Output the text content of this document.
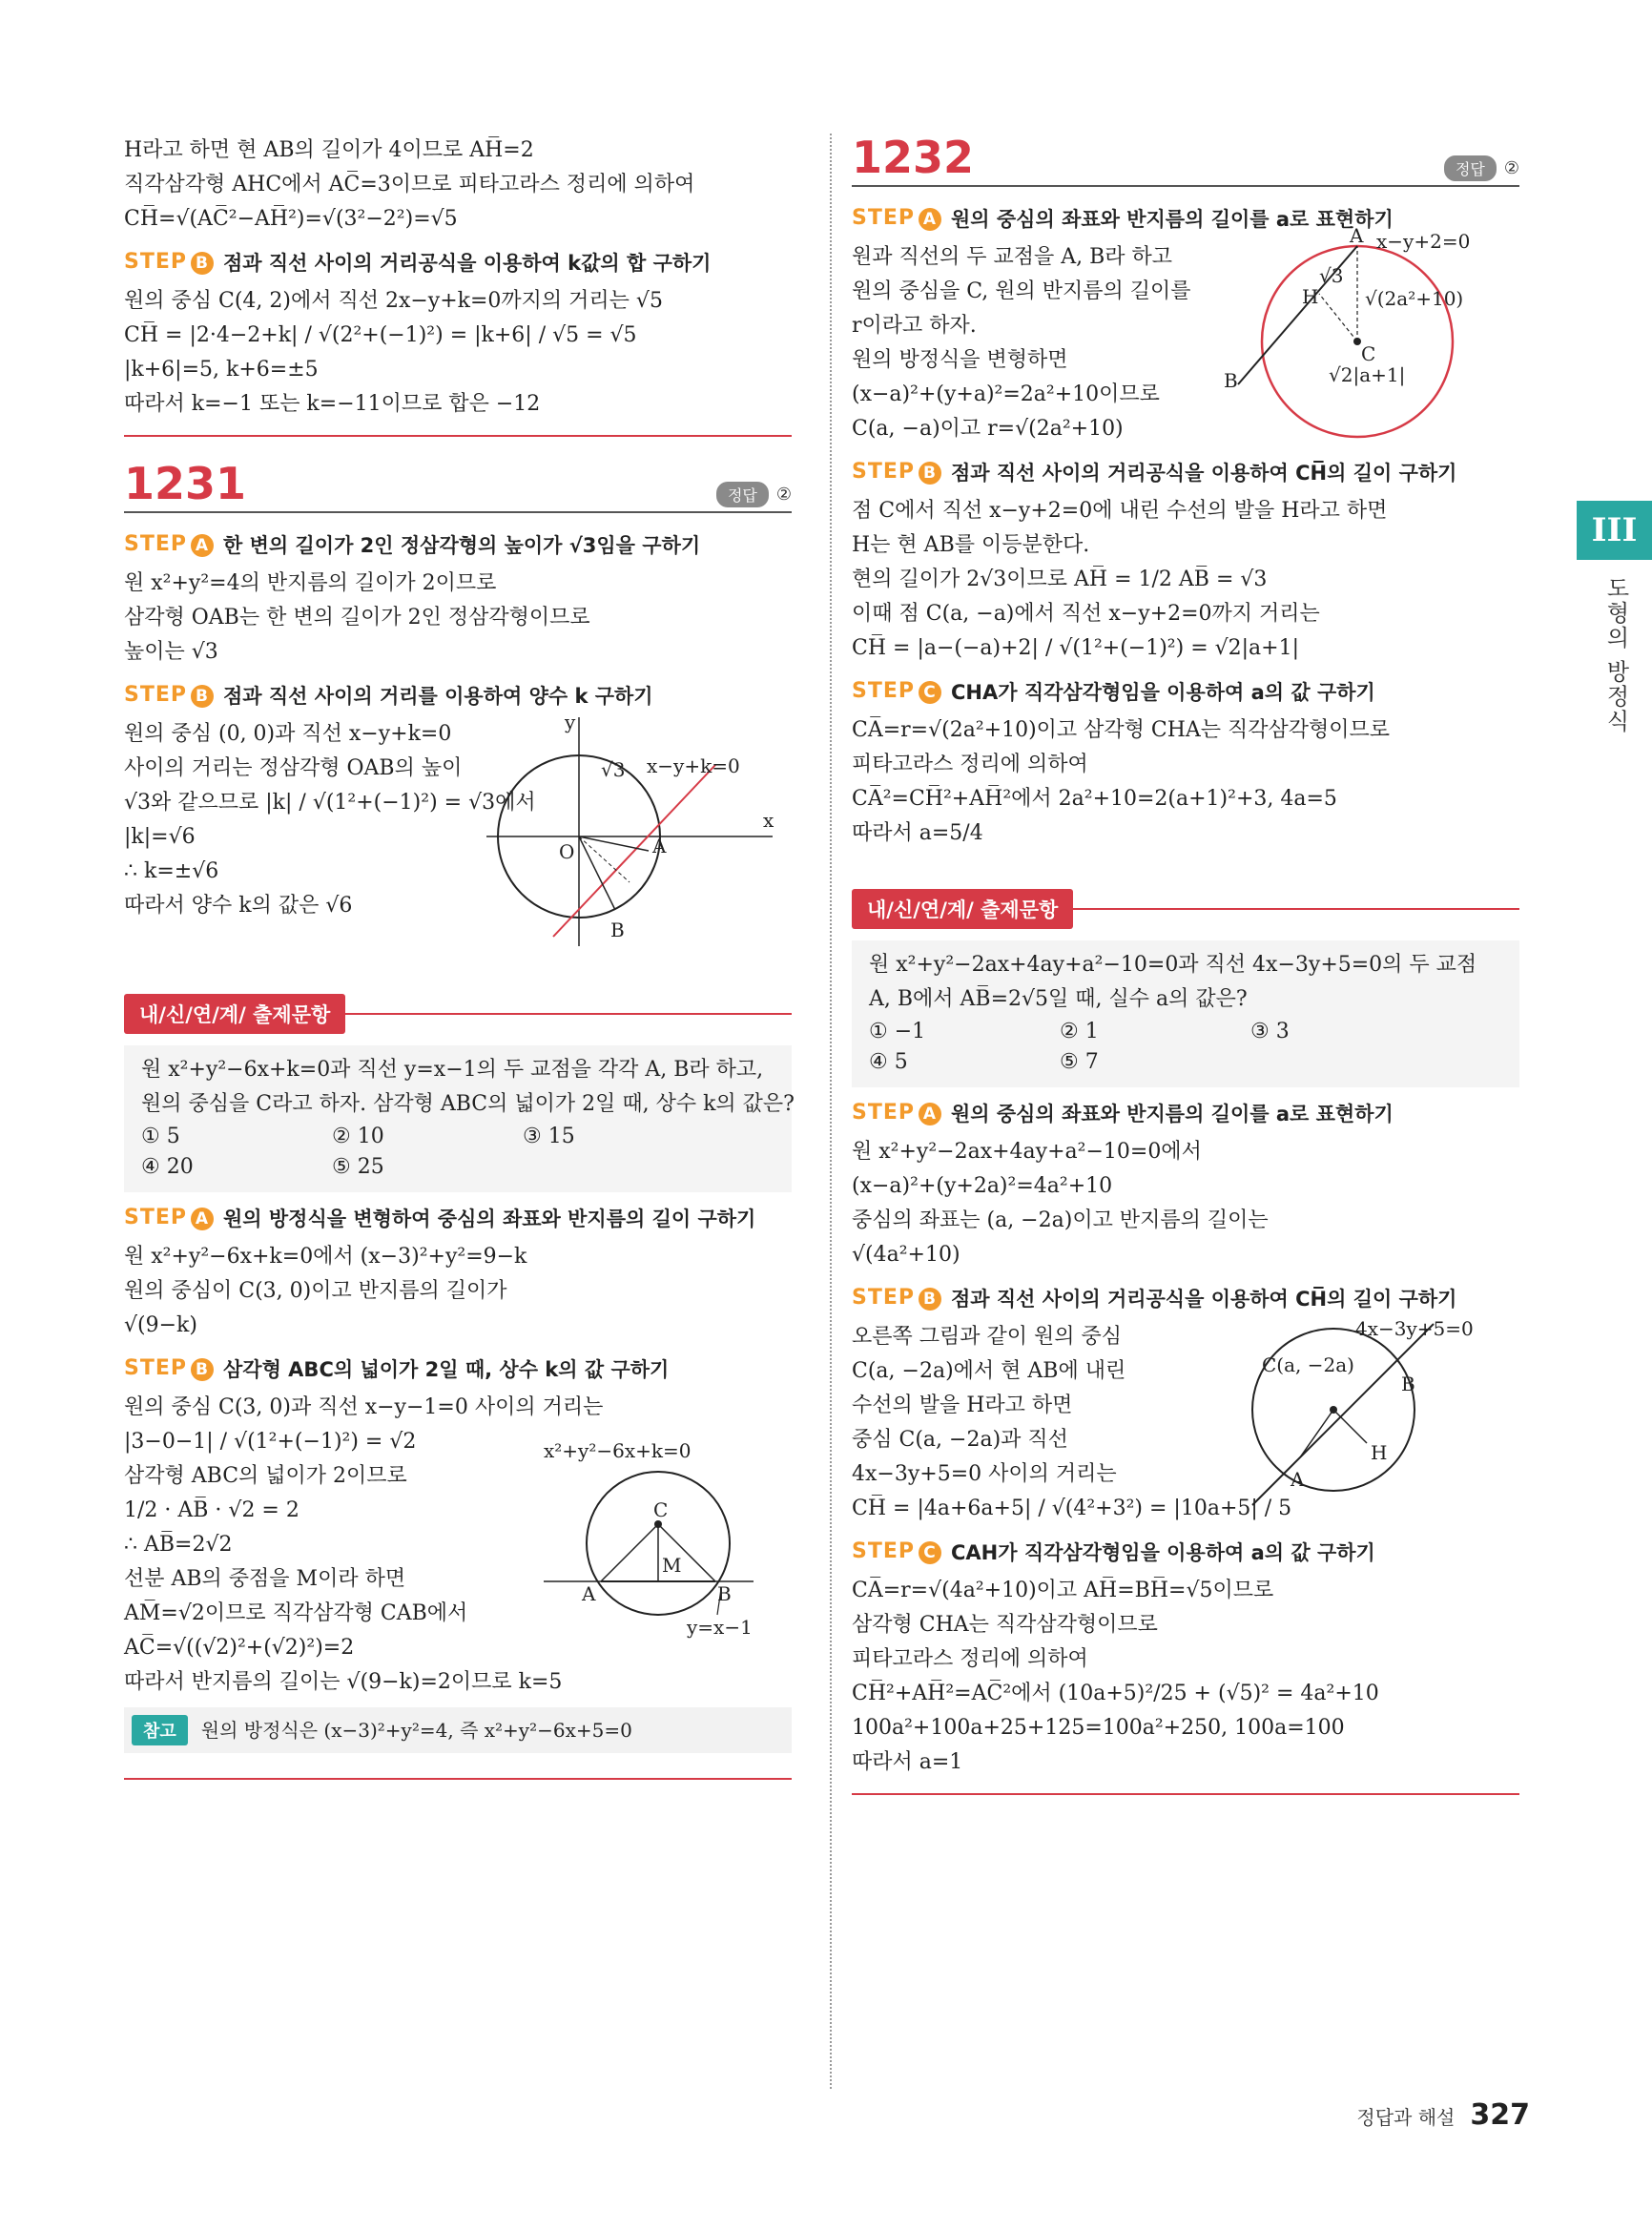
H라고 하면 현 AB의 길이가 4이므로 AH̅=2
직각삼각형 AHC에서 AC̅=3이므로 피타고라스 정리에 의하여
CH̅=√(AC̅²−AH̅²)=√(3²−2²)=√5
STEP B 점과 직선 사이의 거리공식을 이용하여 k값의 합 구하기
원의 중심 C(4, 2)에서 직선 2x−y+k=0까지의 거리는 √5
CH̅ = |2·4−2+k| / √(2²+(−1)²) = |k+6| / √5 = √5
|k+6|=5, k+6=±5
따라서 k=−1 또는 k=−11이므로 합은 −12
1231	정답	②
STEP A 한 변의 길이가 2인 정삼각형의 높이가 √3임을 구하기
원 x²+y²=4의 반지름의 길이가 2이므로
삼각형 OAB는 한 변의 길이가 2인 정삼각형이므로
높이는 √3
STEP B 점과 직선 사이의 거리를 이용하여 양수 k 구하기
원의 중심 (0, 0)과 직선 x−y+k=0
사이의 거리는 정삼각형 OAB의 높이
√3와 같으므로 |k| / √(1²+(−1)²) = √3에서
|k|=√6
∴ k=±√6
따라서 양수 k의 값은 √6
x
y
O
x−y+k=0
√3
A
B
내/신/연/계/ 출제문항
원 x²+y²−6x+k=0과 직선 y=x−1의 두 교점을 각각 A, B라 하고,
원의 중심을 C라고 하자. 삼각형 ABC의 넓이가 2일 때, 상수 k의 값은?
① 5	② 10	③ 15
④ 20	⑤ 25
STEP A 원의 방정식을 변형하여 중심의 좌표와 반지름의 길이 구하기
원 x²+y²−6x+k=0에서 (x−3)²+y²=9−k
원의 중심이 C(3, 0)이고 반지름의 길이가
√(9−k)
STEP B 삼각형 ABC의 넓이가 2일 때, 상수 k의 값 구하기
원의 중심 C(3, 0)과 직선 x−y−1=0 사이의 거리는
|3−0−1| / √(1²+(−1)²) = √2
삼각형 ABC의 넓이가 2이므로
1/2 · AB̅ · √2 = 2
∴ AB̅=2√2
선분 AB의 중점을 M이라 하면
AM̅=√2이므로 직각삼각형 CAB에서
AC̅=√((√2)²+(√2)²)=2
따라서 반지름의 길이는 √(9−k)=2이므로 k=5
x²+y²−6x+k=0
C
M
A	B
y=x−1
참고	원의 방정식은 (x−3)²+y²=4, 즉 x²+y²−6x+5=0
1232	정답	②
STEP A 원의 중심의 좌표와 반지름의 길이를 a로 표현하기
원과 직선의 두 교점을 A, B라 하고
원의 중심을 C, 원의 반지름의 길이를
r이라고 하자.
원의 방정식을 변형하면
(x−a)²+(y+a)²=2a²+10이므로
C(a, −a)이고 r=√(2a²+10)
x−y+2=0
A
B
H
C
√3
√(2a²+10)
√2|a+1|
STEP B 점과 직선 사이의 거리공식을 이용하여 CH̅의 길이 구하기
점 C에서 직선 x−y+2=0에 내린 수선의 발을 H라고 하면
H는 현 AB를 이등분한다.
현의 길이가 2√3이므로 AH̅ = 1/2 AB̅ = √3
이때 점 C(a, −a)에서 직선 x−y+2=0까지 거리는
CH̅ = |a−(−a)+2| / √(1²+(−1)²) = √2|a+1|
STEP C CHA가 직각삼각형임을 이용하여 a의 값 구하기
CA̅=r=√(2a²+10)이고 삼각형 CHA는 직각삼각형이므로
피타고라스 정리에 의하여
CA̅²=CH̅²+AH̅²에서 2a²+10=2(a+1)²+3, 4a=5
따라서 a=5/4
내/신/연/계/ 출제문항
원 x²+y²−2ax+4ay+a²−10=0과 직선 4x−3y+5=0의 두 교점
A, B에서 AB̅=2√5일 때, 실수 a의 값은?
① −1	② 1	③ 3
④ 5	⑤ 7
STEP A 원의 중심의 좌표와 반지름의 길이를 a로 표현하기
원 x²+y²−2ax+4ay+a²−10=0에서
(x−a)²+(y+2a)²=4a²+10
중심의 좌표는 (a, −2a)이고 반지름의 길이는
√(4a²+10)
STEP B 점과 직선 사이의 거리공식을 이용하여 CH̅의 길이 구하기
오른쪽 그림과 같이 원의 중심
C(a, −2a)에서 현 AB에 내린
수선의 발을 H라고 하면
중심 C(a, −2a)과 직선
4x−3y+5=0 사이의 거리는
CH̅ = |4a+6a+5| / √(4²+3²) = |10a+5| / 5
4x−3y+5=0
C(a, −2a)
B
H
A
STEP C CAH가 직각삼각형임을 이용하여 a의 값 구하기
CA̅=r=√(4a²+10)이고 AH̅=BH̅=√5이므로
삼각형 CHA는 직각삼각형이므로
피타고라스 정리에 의하여
CH̅²+AH̅²=AC̅²에서 (10a+5)²/25 + (√5)² = 4a²+10
100a²+100a+25+125=100a²+250, 100a=100
따라서 a=1
III
도형의 방정식
정답과 해설 327
